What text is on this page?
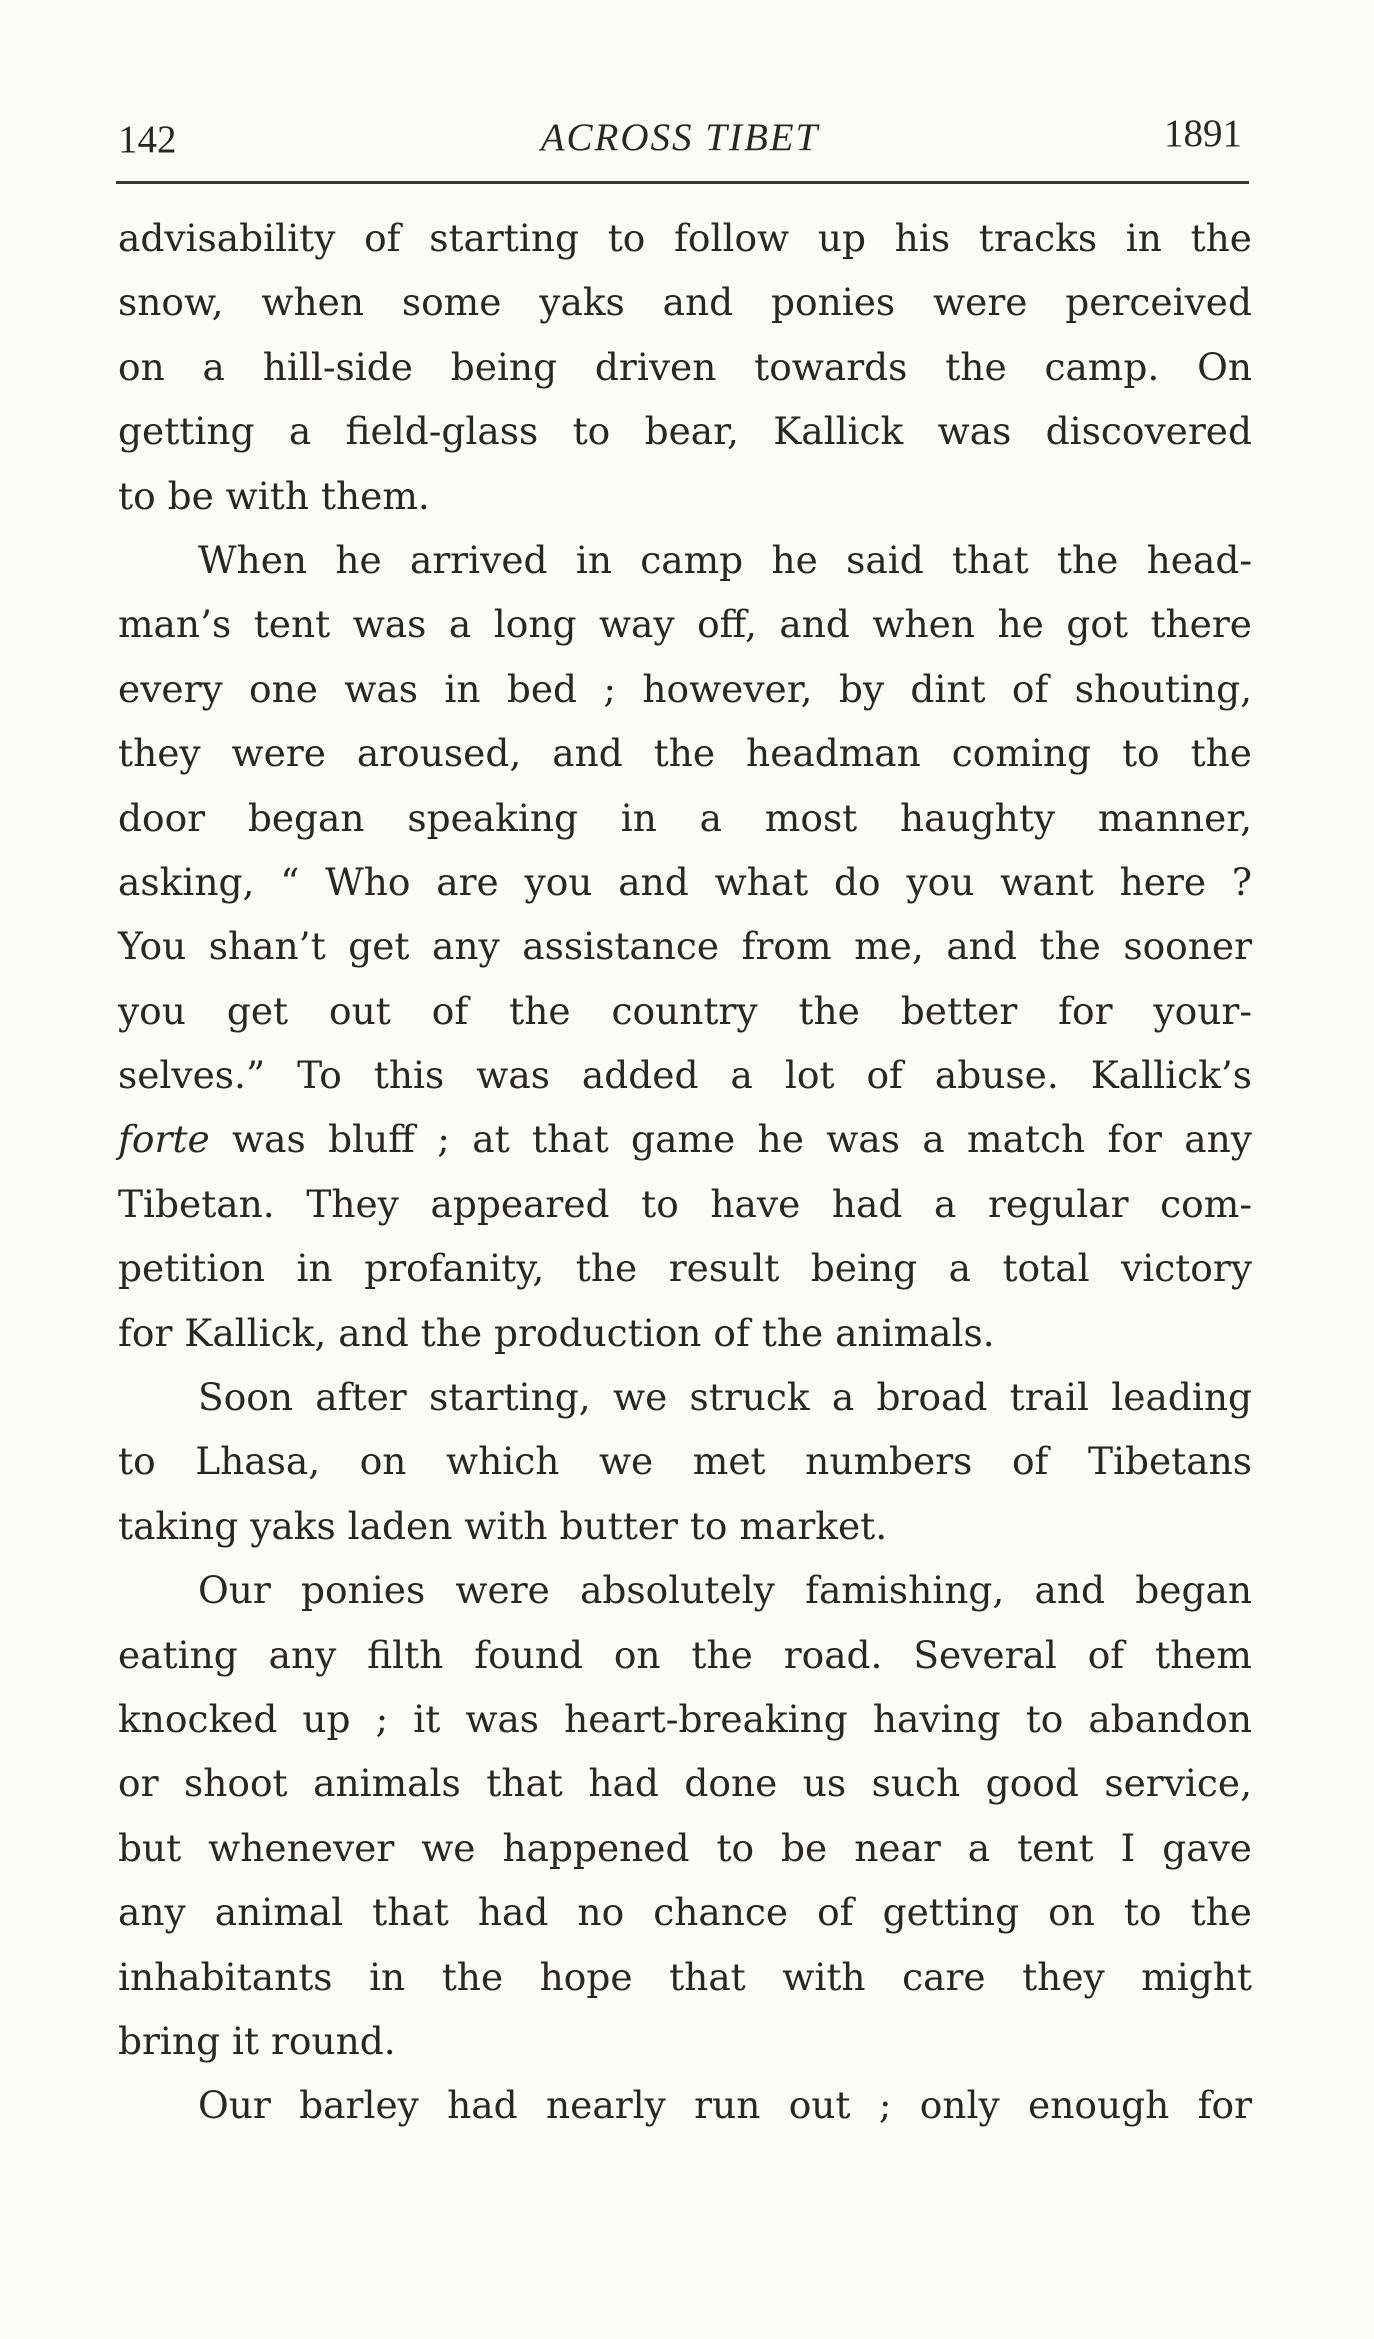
142	ACROSS TIBET	1891
advisability of starting to follow up his tracks in the
snow, when some yaks and ponies were perceived
on a hill-side being driven towards the camp. On
getting a field-glass to bear, Kallick was discovered
to be with them.
When he arrived in camp he said that the head-
man’s tent was a long way off, and when he got there
every one was in bed ; however, by dint of shouting,
they were aroused, and the headman coming to the
door began speaking in a most haughty manner,
asking, “ Who are you and what do you want here ?
You shan’t get any assistance from me, and the sooner
you get out of the country the better for your-
selves.” To this was added a lot of abuse. Kallick’s
forte was bluff ; at that game he was a match for any
Tibetan. They appeared to have had a regular com-
petition in profanity, the result being a total victory
for Kallick, and the production of the animals.
Soon after starting, we struck a broad trail leading
to Lhasa, on which we met numbers of Tibetans
taking yaks laden with butter to market.
Our ponies were absolutely famishing, and began
eating any filth found on the road. Several of them
knocked up ; it was heart-breaking having to abandon
or shoot animals that had done us such good service,
but whenever we happened to be near a tent I gave
any animal that had no chance of getting on to the
inhabitants in the hope that with care they might
bring it round.
Our barley had nearly run out ; only enough for
